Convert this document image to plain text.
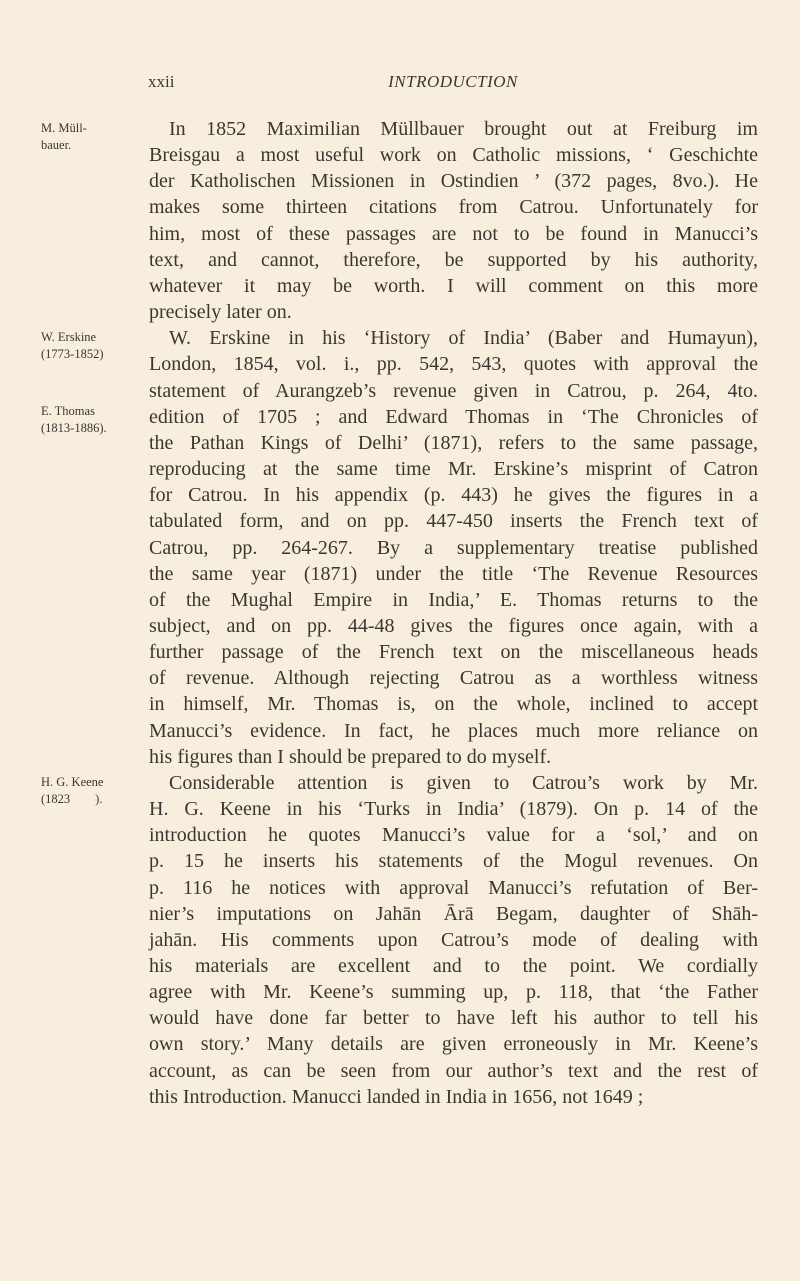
xxii	INTRODUCTION
M. Müll-
bauer.
W. Erskine
(1773-1852)
E. Thomas
(1813-1886).
H. G. Keene
(1823        ).
In 1852 Maximilian Müllbauer brought out at Freiburg im
Breisgau a most useful work on Catholic missions, ‘ Geschichte
der Katholischen Missionen in Ostindien ’ (372 pages, 8vo.). He
makes some thirteen citations from Catrou. Unfortunately for
him, most of these passages are not to be found in Manucci’s
text, and cannot, therefore, be supported by his authority,
whatever it may be worth. I will comment on this more
precisely later on.
W. Erskine in his ‘History of India’ (Baber and Humayun),
London, 1854, vol. i., pp. 542, 543, quotes with approval the
statement of Aurangzeb’s revenue given in Catrou, p. 264, 4to.
edition of 1705 ; and Edward Thomas in ‘The Chronicles of
the Pathan Kings of Delhi’ (1871), refers to the same passage,
reproducing at the same time Mr. Erskine’s misprint of Catron
for Catrou. In his appendix (p. 443) he gives the figures in a
tabulated form, and on pp. 447-450 inserts the French text of
Catrou, pp. 264-267. By a supplementary treatise published
the same year (1871) under the title ‘The Revenue Resources
of the Mughal Empire in India,’ E. Thomas returns to the
subject, and on pp. 44-48 gives the figures once again, with a
further passage of the French text on the miscellaneous heads
of revenue. Although rejecting Catrou as a worthless witness
in himself, Mr. Thomas is, on the whole, inclined to accept
Manucci’s evidence. In fact, he places much more reliance on
his figures than I should be prepared to do myself.
Considerable attention is given to Catrou’s work by Mr.
H. G. Keene in his ‘Turks in India’ (1879). On p. 14 of the
introduction he quotes Manucci’s value for a ‘sol,’ and on
p. 15 he inserts his statements of the Mogul revenues. On
p. 116 he notices with approval Manucci’s refutation of Ber-
nier’s imputations on Jahān Ārā Begam, daughter of Shāh-
jahān. His comments upon Catrou’s mode of dealing with
his materials are excellent and to the point. We cordially
agree with Mr. Keene’s summing up, p. 118, that ‘the Father
would have done far better to have left his author to tell his
own story.’ Many details are given erroneously in Mr. Keene’s
account, as can be seen from our author’s text and the rest of
this Introduction. Manucci landed in India in 1656, not 1649 ;
